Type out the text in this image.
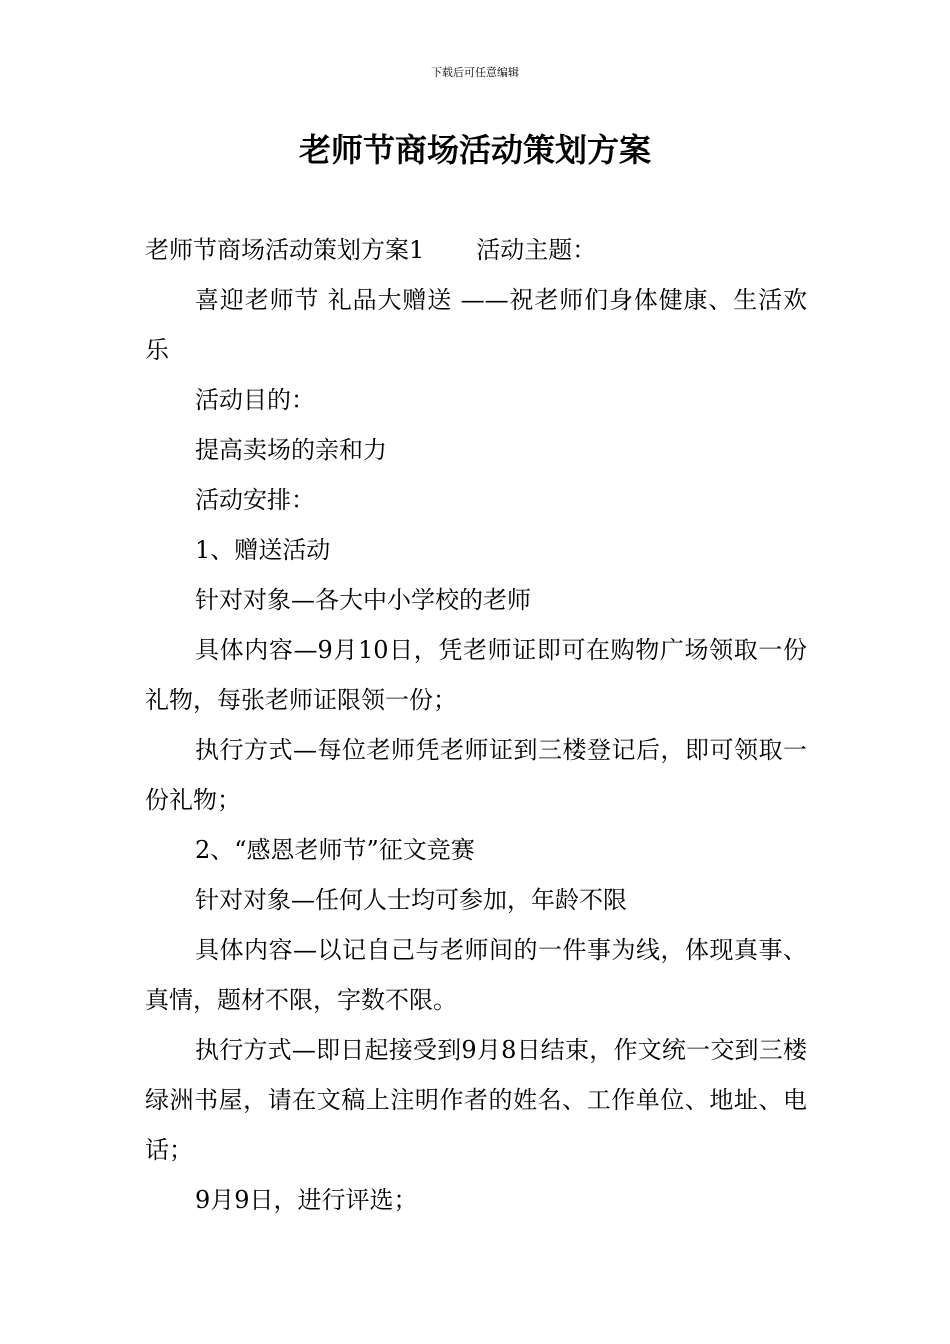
下载后可任意编辑
老师节商场活动策划方案

老师节商场活动策划方案1 活动主题：

喜迎老师节 礼品大赠送 ——祝老师们身体健康、生活欢乐

活动目的：

提高卖场的亲和力

活动安排：

1、赠送活动

针对对象—各大中小学校的老师

具体内容—9月10日，凭老师证即可在购物广场领取一份礼物，每张老师证限领一份；

执行方式—每位老师凭老师证到三楼登记后，即可领取一份礼物；

2、“感恩老师节”征文竞赛

针对对象—任何人士均可参加，年龄不限

具体内容—以记自己与老师间的一件事为线，体现真事、真情，题材不限，字数不限。

执行方式—即日起接受到9月8日结束，作文统一交到三楼绿洲书屋，请在文稿上注明作者的姓名、工作单位、地址、电话；

9月9日，进行评选；
